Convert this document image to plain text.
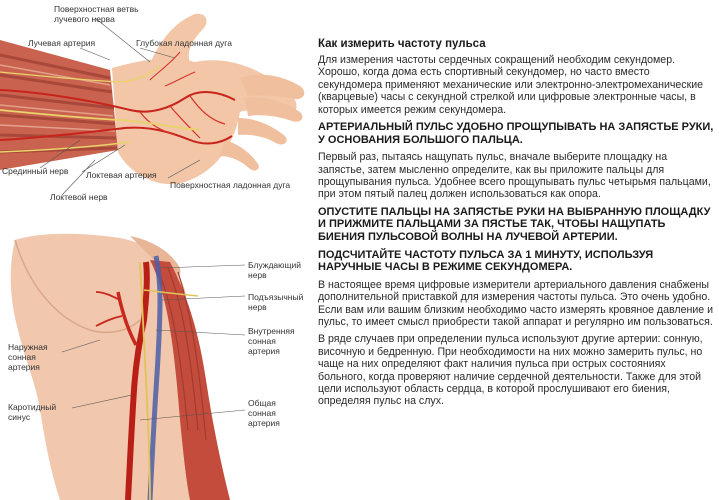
Поверхностная ветвь
лучевого нерва
Лучевая артерия	Глубокая ладонная дуга
Срединный нерв Локтевая артерия
Локтевой нерв
Поверхностная ладонная дуга
Блуждающий
нерв
Подъязычный
нерв
Внутренняя
сонная
артерия
Наружная
сонная
артерия
Каротидный
синус
Общая
сонная
артерия
Как измерить частоту пульса

Для измерения частоты сердечных сокращений необходим секундомер. Хорошо, когда дома есть спортивный секундомер, но часто вместо секундомера применяют механические или электронно-электромеханические (кварцевые) часы с секундной стрелкой или цифровые электронные часы, в которых имеется режим секундомера.

АРТЕРИАЛЬНЫЙ ПУЛЬС УДОБНО ПРОЩУПЫВАТЬ НА ЗАПЯСТЬЕ РУКИ, У ОСНОВАНИЯ БОЛЬШОГО ПАЛЬЦА.

Первый раз, пытаясь нащупать пульс, вначале выберите площадку на запястье, затем мысленно определите, как вы приложите пальцы для прощупывания пульса. Удобнее всего прощупывать пульс четырьмя пальцами, при этом пятый палец должен использоваться как опора.

ОПУСТИТЕ ПАЛЬЦЫ НА ЗАПЯСТЬЕ РУКИ НА ВЫБРАННУЮ ПЛОЩАДКУ И ПРИЖМИТЕ ПАЛЬЦАМИ ЗА ПЯСТЬЕ ТАК, ЧТОБЫ НАЩУПАТЬ БИЕНИЯ ПУЛЬСОВОЙ ВОЛНЫ НА ЛУЧЕВОЙ АРТЕРИИ.
ПОДСЧИТАЙТЕ ЧАСТОТУ ПУЛЬСА ЗА 1 МИНУТУ, ИСПОЛЬЗУЯ НАРУЧНЫЕ ЧАСЫ В РЕЖИМЕ СЕКУНДОМЕРА.

В настоящее время цифровые измерители артериального давления снабжены дополнительной приставкой для измерения частоты пульса. Это очень удобно. Если вам или вашим близким необходимо часто измерять кровяное давление и пульс, то имеет смысл приобрести такой аппарат и регулярно им пользоваться.

В ряде случаев при определении пульса используют другие артерии: сонную, височную и бедренную. При необходимости на них можно замерить пульс, но чаще на них определяют факт наличия пульса при острых состояниях больного, когда проверяют наличие сердечной деятельности. Также для этой цели используют область сердца, в которой прослушивают его биения, определяя пульс на слух.
